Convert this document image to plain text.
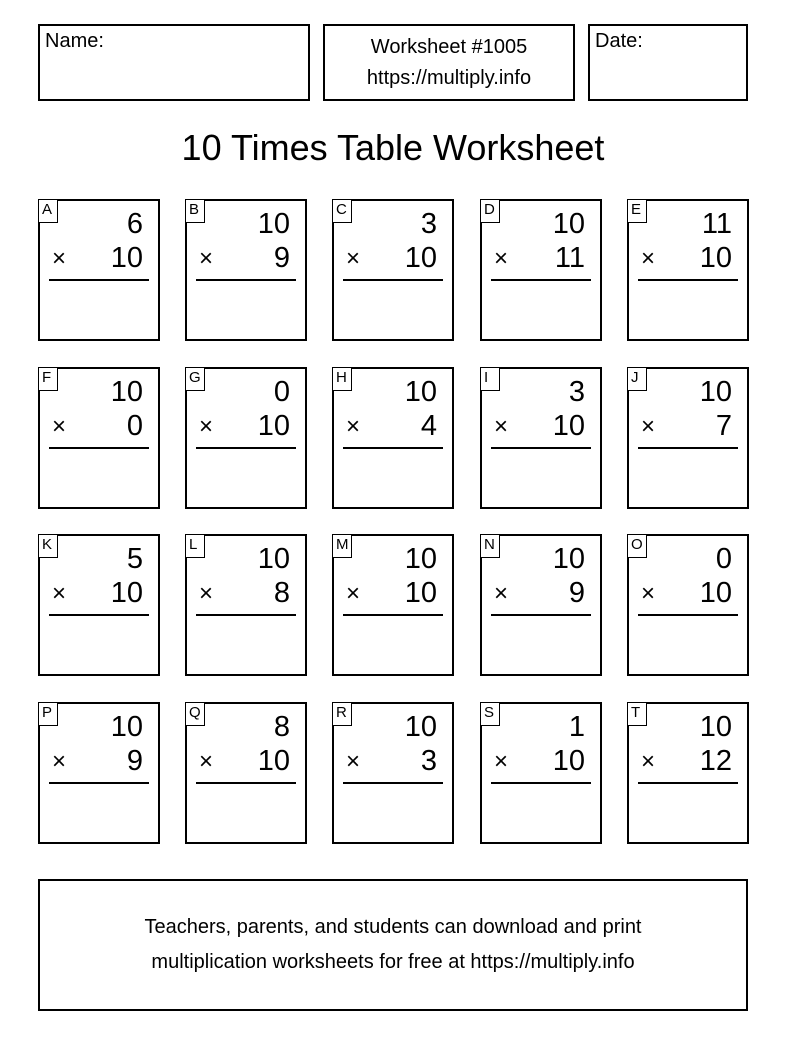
Name:	Worksheet #1005
https://multiply.info
Date:
10 Times Table Worksheet
A	6
× 10
B 10
× 9
C	3
× 10
D 10
× 11
E 11
× 10
F 10
× 0
G	0
× 10
H 10
× 4
I	3
× 10
J 10
× 7
K	5
× 10
L 10
× 8
M 10
× 10
N 10
× 9
O	0
× 10
P 10
× 9
Q	8
× 10
R 10
× 3
S	1
× 10
T 10
× 12
Teachers, parents, and students can download and print
multiplication worksheets for free at https://multiply.info
